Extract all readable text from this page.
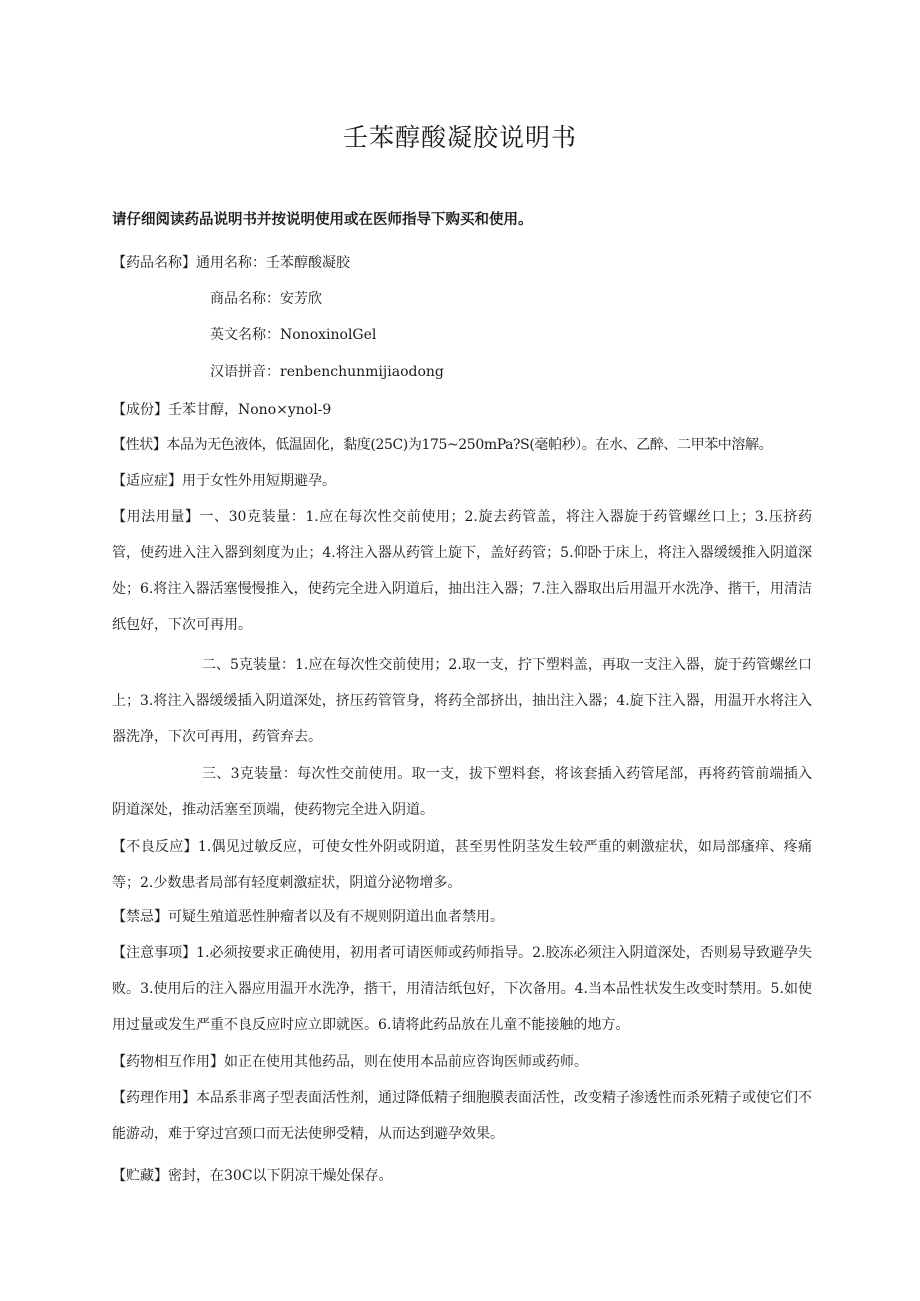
壬苯醇酸凝胶说明书

请仔细阅读药品说明书并按说明使用或在医师指导下购买和使用。

【药品名称】通用名称：壬苯醇酸凝胶
商品名称：安芳欣
英文名称：NonoxinolGel
汉语拼音：renbenchunmijiaodong
【成份】壬苯甘醇，Nono×ynol-9
【性状】本品为无色液体，低温固化，黏度(25C)为175~250mPa?S(毫帕秒）。在水、乙醉、二甲苯中溶解。
【适应症】用于女性外用短期避孕。
【用法用量】一、30克装量：1.应在每次性交前使用；2.旋去药管盖，将注入器旋于药管螺丝口上；3.压挤药管，使药进入注入器到刻度为止；4.将注入器从药管上旋下，盖好药管；5.仰卧于床上，将注入器缓缓推入阴道深处；6.将注入器活塞慢慢推入，使药完全进入阴道后，抽出注入器；7.注入器取出后用温开水洗净、揩干，用清洁纸包好，下次可再用。
二、5克装量：1.应在每次性交前使用；2.取一支，拧下塑料盖，再取一支注入器，旋于药管螺丝口上；3.将注入器缓缓插入阴道深处，挤压药管管身，将药全部挤出，抽出注入器；4.旋下注入器，用温开水将注入器洗净，下次可再用，药管弃去。
三、3克装量：每次性交前使用。取一支，拔下塑料套，将该套插入药管尾部，再将药管前端插入阴道深处，推动活塞至顶端，使药物完全进入阴道。
【不良反应】1.偶见过敏反应，可使女性外阴或阴道，甚至男性阴茎发生较严重的刺激症状，如局部瘙痒、疼痛等；2.少数患者局部有轻度刺激症状，阴道分泌物增多。
【禁忌】可疑生殖道恶性肿瘤者以及有不规则阴道出血者禁用。
【注意事项】1.必须按要求正确使用，初用者可请医师或药师指导。2.胶冻必须注入阴道深处，否则易导致避孕失败。3.使用后的注入器应用温开水洗净，揩干，用清洁纸包好，下次备用。4.当本品性状发生改变时禁用。5.如使用过量或发生严重不良反应时应立即就医。6.请将此药品放在儿童不能接触的地方。
【药物相互作用】如正在使用其他药品，则在使用本品前应咨询医师或药师。
【药理作用】本品系非离子型表面活性剂，通过降低精子细胞膜表面活性，改变精子渗透性而杀死精子或使它们不能游动，难于穿过宫颈口而无法使卵受精，从而达到避孕效果。
【贮藏】密封，在30C以下阴凉干燥处保存。
